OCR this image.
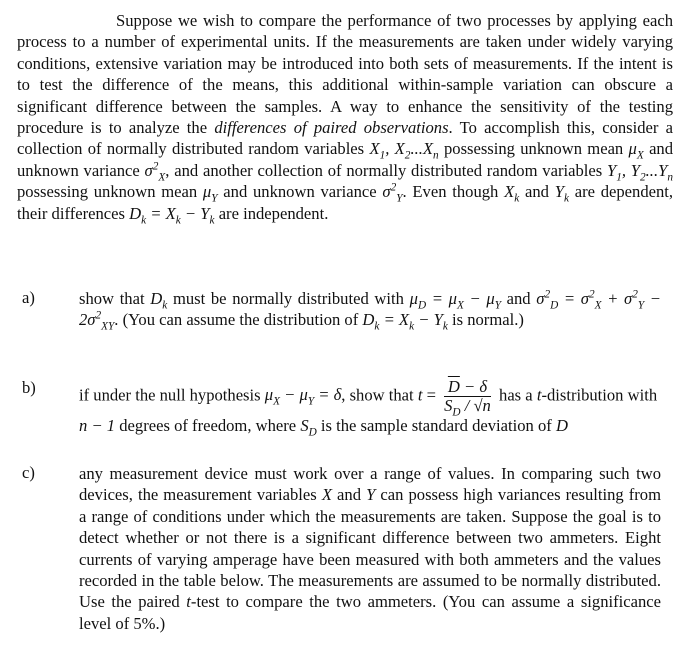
Suppose we wish to compare the performance of two processes by applying each process to a number of experimental units. If the measurements are taken under widely varying conditions, extensive variation may be introduced into both sets of measurements. If the intent is to test the difference of the means, this additional within-sample variation can obscure a significant difference between the samples. A way to enhance the sensitivity of the testing procedure is to analyze the differences of paired observations. To accomplish this, consider a collection of normally distributed random variables $X_1$, $X_2...X_n$ possessing unknown mean $\mu_X$ and unknown variance $\sigma^2_X$, and another collection of normally distributed random variables $Y_1$, $Y_2...Y_n$ possessing unknown mean $\mu_Y$ and unknown variance $\sigma^2_Y$. Even though $X_k$ and $Y_k$ are dependent, their differences $D_k = X_k - Y_k$ are independent.

a)	show that $D_k$ must be normally distributed with $\mu_D = \mu_X - \mu_Y$ and $\sigma^2_D = \sigma^2_X + \sigma^2_Y - 2\sigma^2_{XY}$. (You can assume the distribution of $D_k = X_k - Y_k$ is normal.)

b)	if under the null hypothesis $\mu_X - \mu_Y = \delta$, show that $t = \frac{\overline{D} - \delta}{S_D / √n}$ has a t-distribution with n − 1 degrees of freedom, where $S_D$ is the sample standard deviation of D

c)	any measurement device must work over a range of values. In comparing such two devices, the measurement variables X and Y can possess high variances resulting from a range of conditions under which the measurements are taken. Suppose the goal is to detect whether or not there is a significant difference between two ammeters. Eight currents of varying amperage have been measured with both ammeters and the values recorded in the table below. The measurements are assumed to be normally distributed. Use the paired t-test to compare the two ammeters. (You can assume a significance level of 5%.)
